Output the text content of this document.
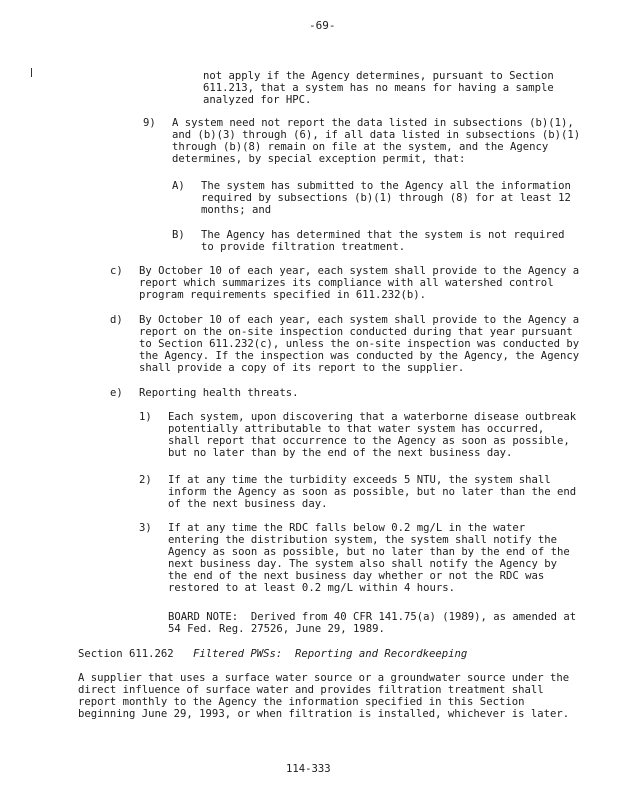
-69-
not apply if the Agency determines, pursuant to Section
611.213, that a system has no means for having a sample
analyzed for HPC.
9) A system need not report the data listed in subsections (b)(1),
and (b)(3) through (6), if all data listed in subsections (b)(1)
through (b)(8) remain on file at the system, and the Agency
determines, by special exception permit, that:
A) The system has submitted to the Agency all the information
required by subsections (b)(1) through (8) for at least 12
months; and
B) The Agency has determined that the system is not required
to provide filtration treatment.
c) By October 10 of each year, each system shall provide to the Agency a
report which summarizes its compliance with all watershed control
program requirements specified in 611.232(b).
d) By October 10 of each year, each system shall provide to the Agency a
report on the on-site inspection conducted during that year pursuant
to Section 611.232(c), unless the on-site inspection was conducted by
the Agency. If the inspection was conducted by the Agency, the Agency
shall provide a copy of its report to the supplier.
e) Reporting health threats.
1) Each system, upon discovering that a waterborne disease outbreak
potentially attributable to that water system has occurred,
shall report that occurrence to the Agency as soon as possible,
but no later than by the end of the next business day.
2) If at any time the turbidity exceeds 5 NTU, the system shall
inform the Agency as soon as possible, but no later than the end
of the next business day.
3) If at any time the RDC falls below 0.2 mg/L in the water
entering the distribution system, the system shall notify the
Agency as soon as possible, but no later than by the end of the
next business day. The system also shall notify the Agency by
the end of the next business day whether or not the RDC was
restored to at least 0.2 mg/L within 4 hours.
BOARD NOTE:  Derived from 40 CFR 141.75(a) (1989), as amended at
54 Fed. Reg. 27526, June 29, 1989.
Section 611.262 Filtered PWSs:  Reporting and Recordkeeping
A supplier that uses a surface water source or a groundwater source under the
direct influence of surface water and provides filtration treatment shall
report monthly to the Agency the information specified in this Section
beginning June 29, 1993, or when filtration is installed, whichever is later.
114-333
